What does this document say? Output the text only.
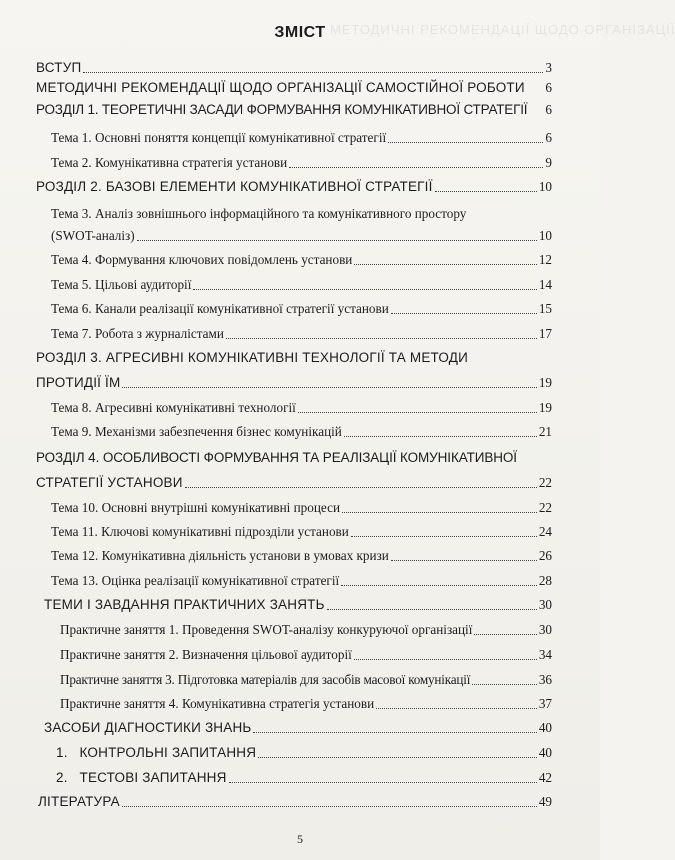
МЕТОДИЧНІ РЕКОМЕНДАЦІЇ ЩОДО ОРГАНІЗАЦІЇ
ЗМІСТ
ВСТУП	3
МЕТОДИЧНІ РЕКОМЕНДАЦІЇ ЩОДО ОРГАНІЗАЦІЇ САМОСТІЙНОЇ РОБОТИ 6
РОЗДІЛ 1. ТЕОРЕТИЧНІ ЗАСАДИ ФОРМУВАННЯ КОМУНІКАТИВНОЇ СТРАТЕГІЇ 6
Тема 1. Основні поняття концепції комунікативної стратегії	6
Тема 2. Комунікативна стратегія установи	9
РОЗДІЛ 2. БАЗОВІ ЕЛЕМЕНТИ КОМУНІКАТИВНОЇ СТРАТЕГІЇ	10
Тема 3. Аналіз зовнішнього інформаційного та комунікативного простору
(SWOT-аналіз)	10
Тема 4. Формування ключових повідомлень установи	12
Тема 5. Цільові аудиторії	14
Тема 6. Канали реалізації комунікативної стратегії установи	15
Тема 7. Робота з журналістами	17
РОЗДІЛ 3. АГРЕСИВНІ КОМУНІКАТИВНІ ТЕХНОЛОГІЇ ТА МЕТОДИ
ПРОТИДІЇ ЇМ	19
Тема 8. Агресивні комунікативні технології	19
Тема 9. Механізми забезпечення бізнес комунікацій	21
РОЗДІЛ 4. ОСОБЛИВОСТІ ФОРМУВАННЯ ТА РЕАЛІЗАЦІЇ КОМУНІКАТИВНОЇ
СТРАТЕГІЇ УСТАНОВИ	22
Тема 10. Основні внутрішні комунікативні процеси	22
Тема 11. Ключові комунікативні підрозділи установи	24
Тема 12. Комунікативна діяльність установи в умовах кризи	26
Тема 13. Оцінка реалізації комунікативної стратегії	28
ТЕМИ І ЗАВДАННЯ ПРАКТИЧНИХ ЗАНЯТЬ	30
Практичне заняття 1. Проведення SWOT-аналізу конкуруючої організації	30
Практичне заняття 2. Визначення цільової аудиторії	34
Практичне заняття 3. Підготовка матеріалів для засобів масової комунікації	36
Практичне заняття 4. Комунікативна стратегія установи	37
ЗАСОБИ ДІАГНОСТИКИ ЗНАНЬ	40
1.   КОНТРОЛЬНІ ЗАПИТАННЯ	40
2.   ТЕСТОВІ ЗАПИТАННЯ	42
ЛІТЕРАТУРА	49
5
